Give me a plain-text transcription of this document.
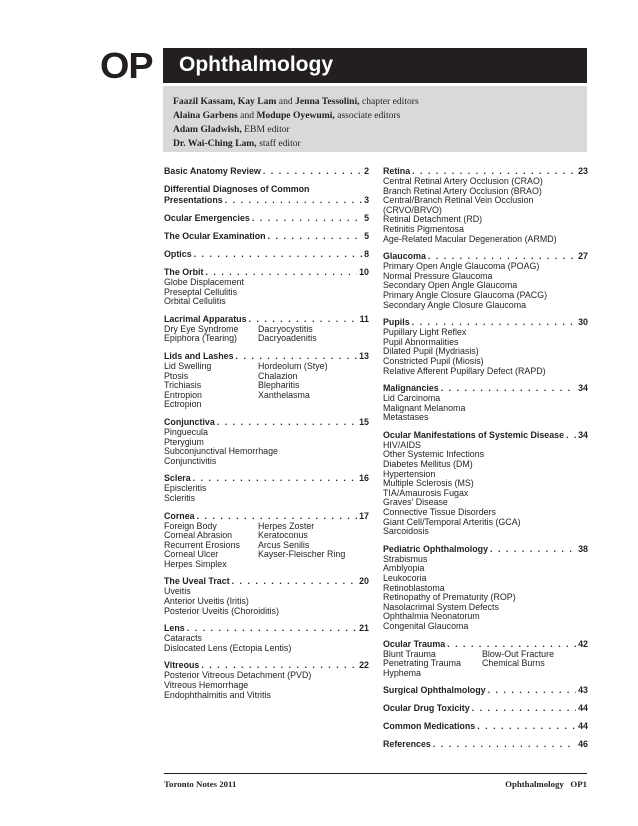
OP Ophthalmology
Faazil Kassam, Kay Lam and Jenna Tessolini, chapter editors
Alaina Garbens and Modupe Oyewumi, associate editors
Adam Gladwish, EBM editor
Dr. Wai-Ching Lam, staff editor
Basic Anatomy Review . . .	2
Differential Diagnoses of Common
Presentations . . .	3
Ocular Emergencies . . .	5
The Ocular Examination . . .	5
Optics . . .	8
The Orbit . . .	10
Globe Displacement
Preseptal Cellulitis
Orbital Cellulitis
Lacrimal Apparatus . . .	11
Dry Eye Syndrome	Dacryocystitis
Epiphora (Tearing)	Dacryoadenitis
Lids and Lashes . . .	13
Lid Swelling	Hordeolum (Stye)
Ptosis	Chalazion
Trichiasis	Blepharitis
Entropion	Xanthelasma
Ectropion
Conjunctiva . . .	15
Pinguecula
Pterygium
Subconjunctival Hemorrhage
Conjunctivitis
Sclera . . .	16
Episcleritis
Scleritis
Cornea . . .	17
Foreign Body	Herpes Zoster
Corneal Abrasion	Keratoconus
Recurrent Erosions	Arcus Senilis
Corneal Ulcer	Kayser-Fleischer Ring
Herpes Simplex
The Uveal Tract . . .	20
Uveitis
Anterior Uveitis (Iritis)
Posterior Uveitis (Choroiditis)
Lens . . .	21
Cataracts
Dislocated Lens (Ectopia Lentis)
Vitreous . . .	22
Posterior Vitreous Detachment (PVD)
Vitreous Hemorrhage
Endophthalmitis and Vitritis
Retina . . .	23
Central Retinal Artery Occlusion (CRAO)
Branch Retinal Artery Occlusion (BRAO)
Central/Branch Retinal Vein Occlusion
(CRVO/BRVO)
Retinal Detachment (RD)
Retinitis Pigmentosa
Age-Related Macular Degeneration (ARMD)
Glaucoma . . .	27
Primary Open Angle Glaucoma (POAG)
Normal Pressure Glaucoma
Secondary Open Angle Glaucoma
Primary Angle Closure Glaucoma (PACG)
Secondary Angle Closure Glaucoma
Pupils . . .	30
Pupillary Light Reflex
Pupil Abnormalities
Dilated Pupil (Mydriasis)
Constricted Pupil (Miosis)
Relative Afferent Pupillary Defect (RAPD)
Malignancies . . .	34
Lid Carcinoma
Malignant Melanoma
Metastases
Ocular Manifestations of Systemic Disease . . . 34
HIV/AIDS
Other Systemic Infections
Diabetes Mellitus (DM)
Hypertension
Multiple Sclerosis (MS)
TIA/Amaurosis Fugax
Graves' Disease
Connective Tissue Disorders
Giant Cell/Temporal Arteritis (GCA)
Sarcoidosis
Pediatric Ophthalmology . . .	38
Strabismus
Amblyopia
Leukocoria
Retinoblastoma
Retinopathy of Prematurity (ROP)
Nasolacrimal System Defects
Ophthalmia Neonatorum
Congenital Glaucoma
Ocular Trauma . . .	42
Blunt Trauma	Blow-Out Fracture
Penetrating Trauma	Chemical Burns
Hyphema
Surgical Ophthalmology . . .	43
Ocular Drug Toxicity . . .	44
Common Medications . . .	44
References . . .	46
Toronto Notes 2011	Ophthalmology   OP1
